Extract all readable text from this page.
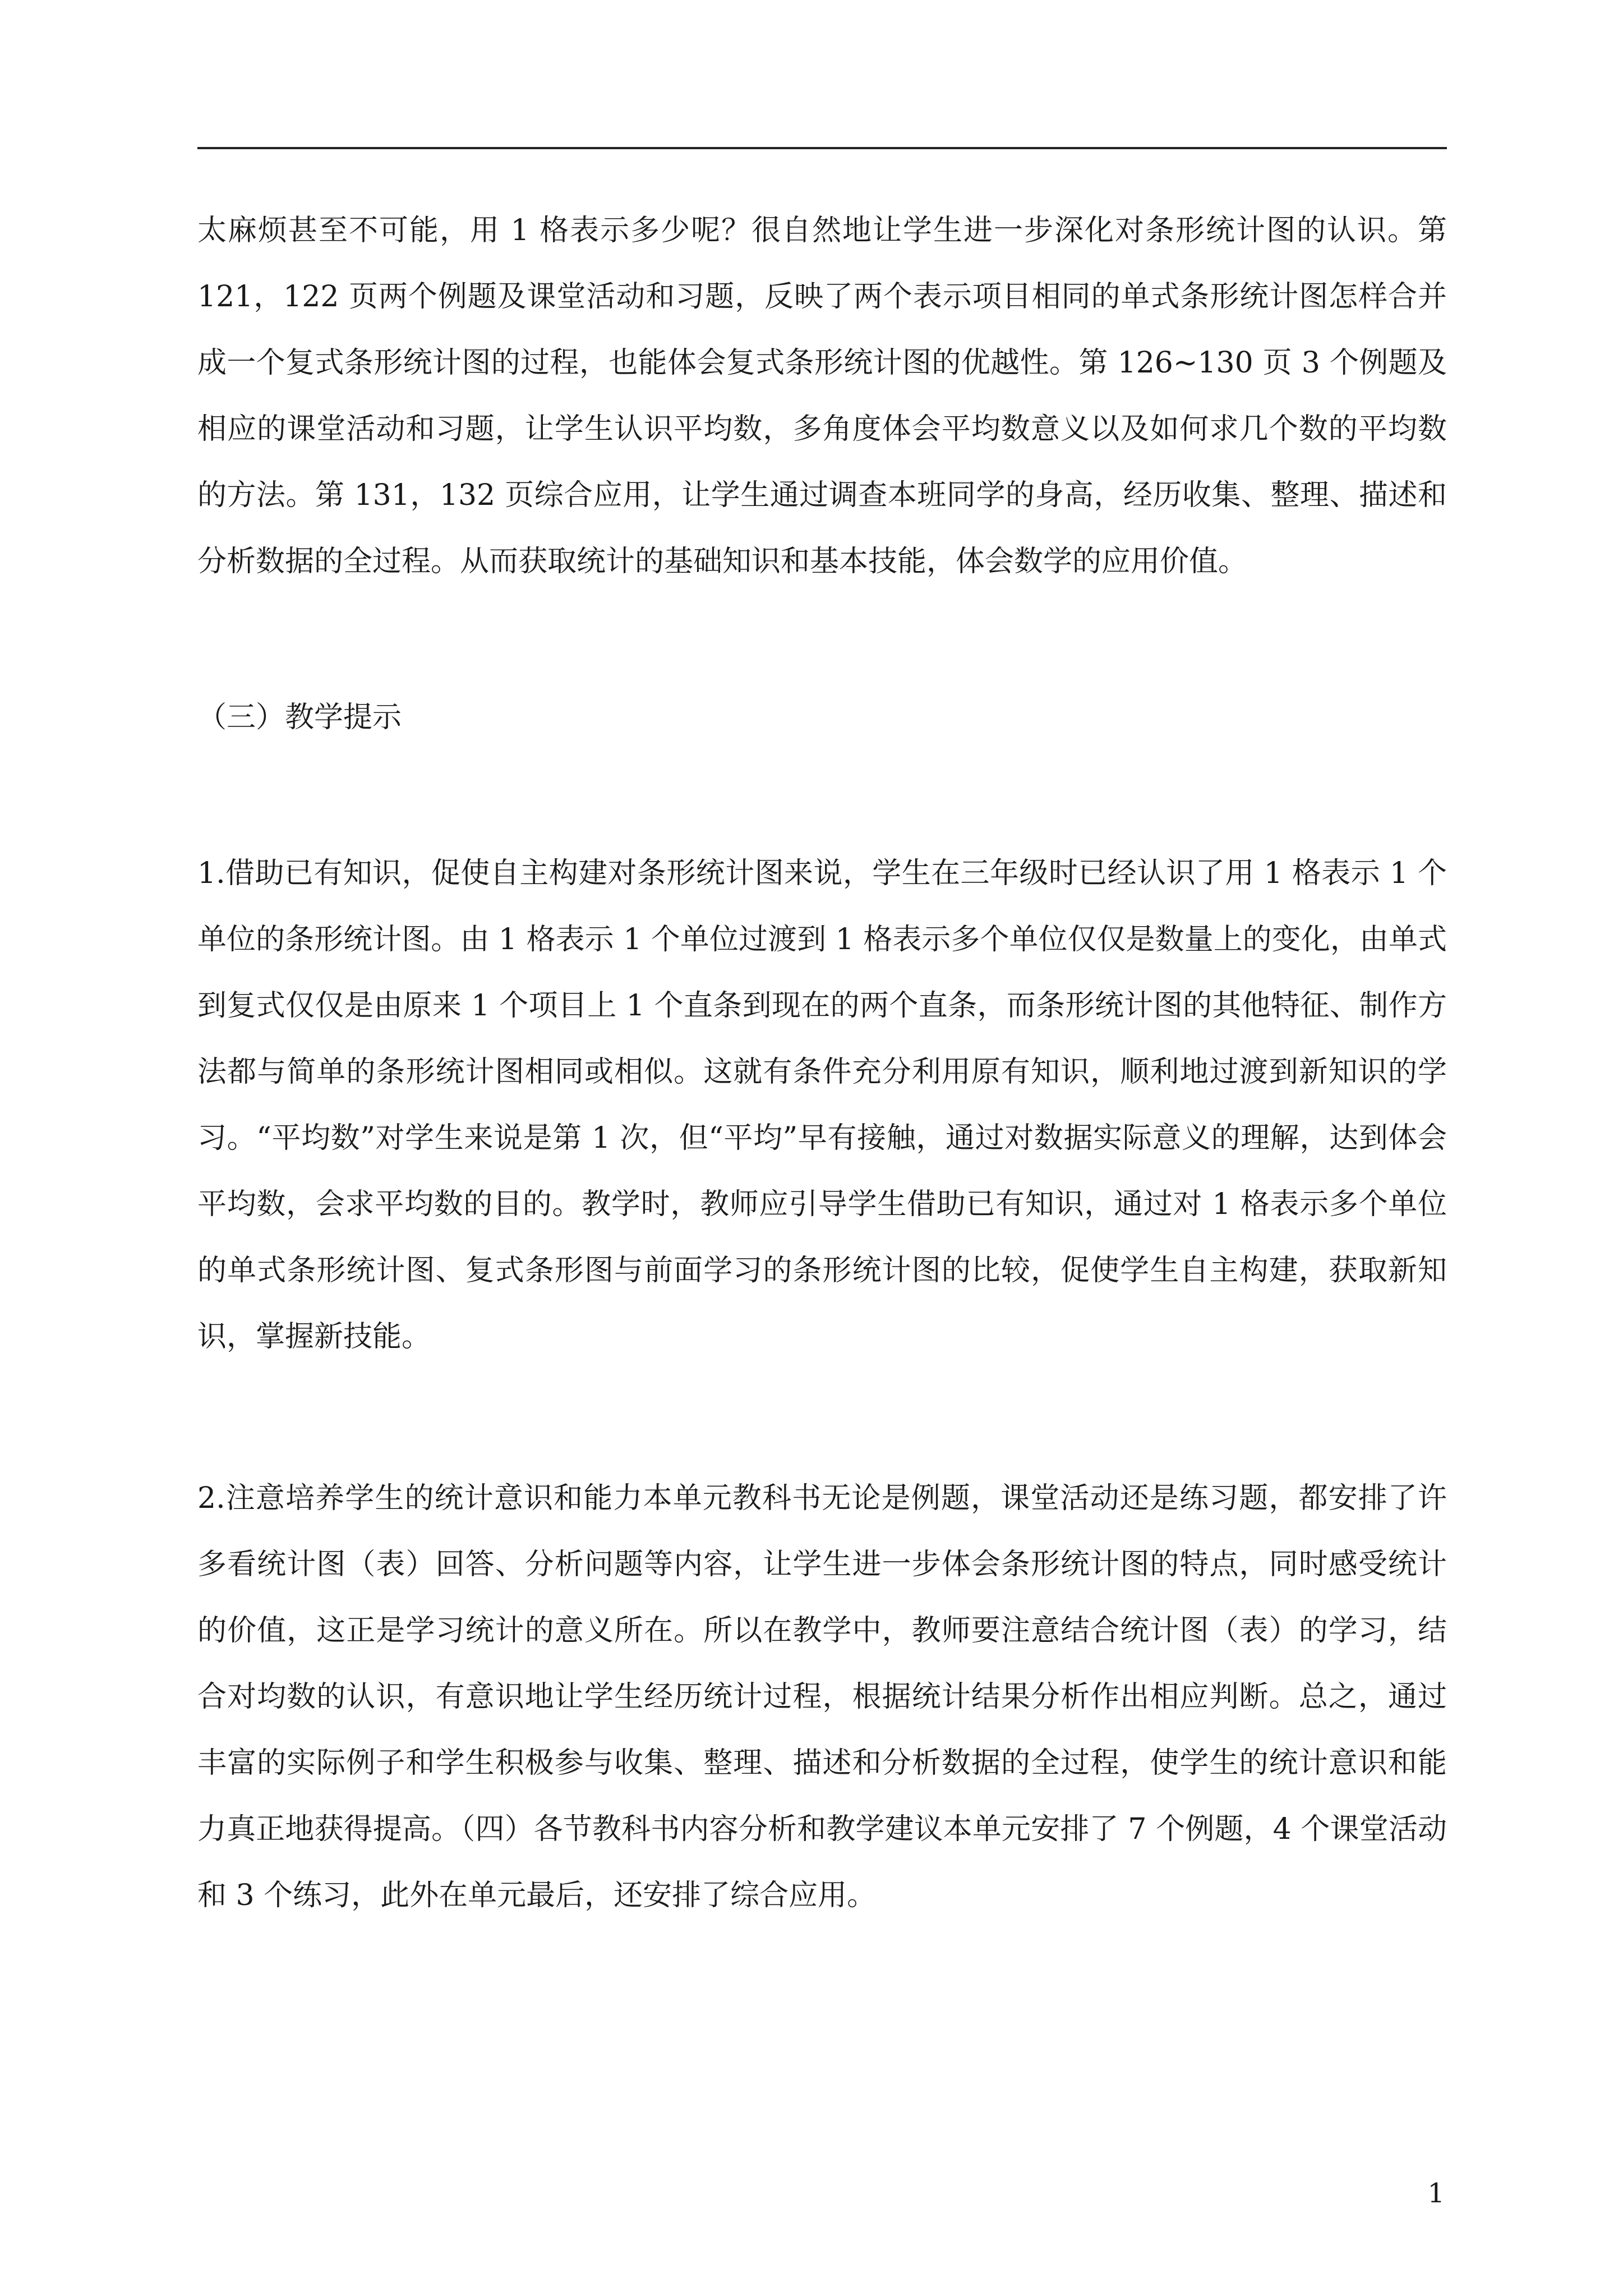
太麻烦甚至不可能，用 1 格表示多少呢？很自然地让学生进一步深化对条形统计图的认识。第 121，122 页两个例题及课堂活动和习题，反映了两个表示项目相同的单式条形统计图怎样合并成一个复式条形统计图的过程，也能体会复式条形统计图的优越性。第 126~130 页 3 个例题及相应的课堂活动和习题，让学生认识平均数，多角度体会平均数意义以及如何求几个数的平均数的方法。第 131，132 页综合应用，让学生通过调查本班同学的身高，经历收集、整理、描述和分析数据的全过程。从而获取统计的基础知识和基本技能，体会数学的应用价值。

（三）教学提示

1.借助已有知识，促使自主构建对条形统计图来说，学生在三年级时已经认识了用 1 格表示 1 个单位的条形统计图。由 1 格表示 1 个单位过渡到 1 格表示多个单位仅仅是数量上的变化，由单式到复式仅仅是由原来 1 个项目上 1 个直条到现在的两个直条，而条形统计图的其他特征、制作方法都与简单的条形统计图相同或相似。这就有条件充分利用原有知识，顺利地过渡到新知识的学习。“平均数”对学生来说是第 1 次，但“平均”早有接触，通过对数据实际意义的理解，达到体会平均数，会求平均数的目的。教学时，教师应引导学生借助已有知识，通过对 1 格表示多个单位的单式条形统计图、复式条形图与前面学习的条形统计图的比较，促使学生自主构建，获取新知识，掌握新技能。

2.注意培养学生的统计意识和能力本单元教科书无论是例题，课堂活动还是练习题，都安排了许多看统计图（表）回答、分析问题等内容，让学生进一步体会条形统计图的特点，同时感受统计的价值，这正是学习统计的意义所在。所以在教学中，教师要注意结合统计图（表）的学习，结合对均数的认识，有意识地让学生经历统计过程，根据统计结果分析作出相应判断。总之，通过丰富的实际例子和学生积极参与收集、整理、描述和分析数据的全过程，使学生的统计意识和能力真正地获得提高。（四）各节教科书内容分析和教学建议本单元安排了 7 个例题，4 个课堂活动和 3 个练习，此外在单元最后，还安排了综合应用。

1
